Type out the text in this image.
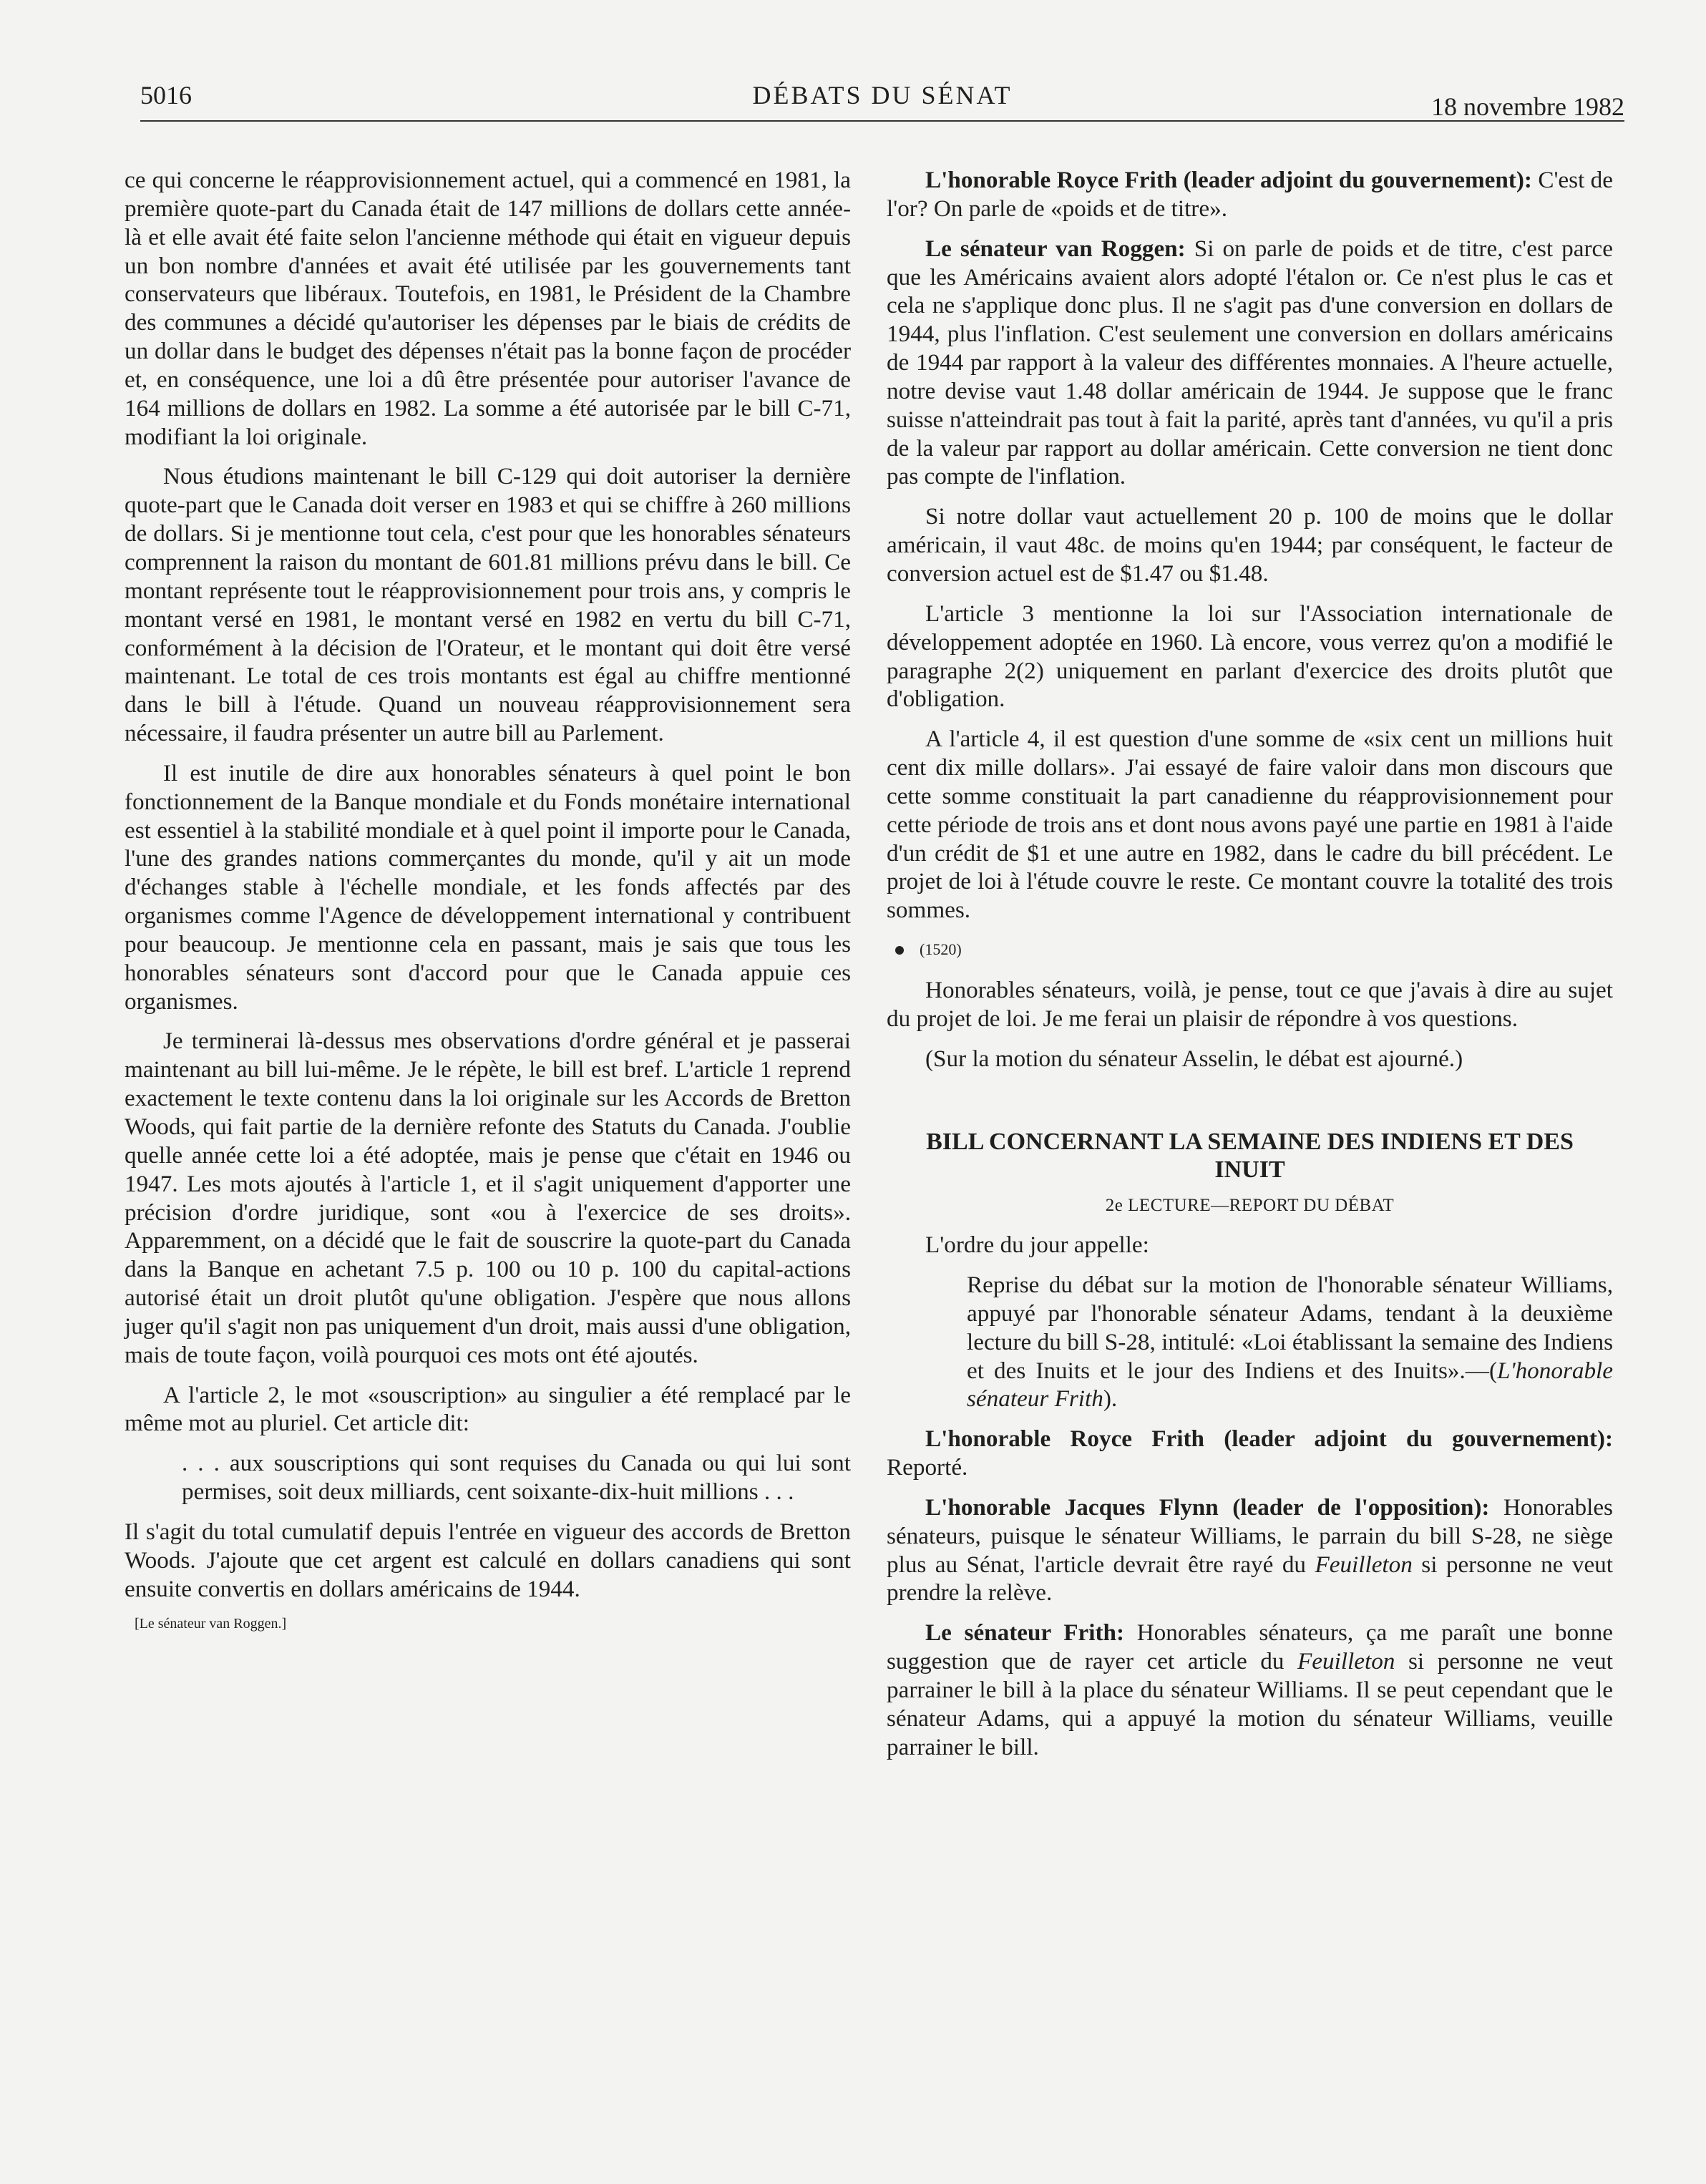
5016	DÉBATS DU SÉNAT	18 novembre 1982

ce qui concerne le réapprovisionnement actuel, qui a commencé en 1981, la première quote-part du Canada était de 147 millions de dollars cette année-là et elle avait été faite selon l'ancienne méthode qui était en vigueur depuis un bon nombre d'années et avait été utilisée par les gouvernements tant conservateurs que libéraux. Toutefois, en 1981, le Président de la Chambre des communes a décidé qu'autoriser les dépenses par le biais de crédits de un dollar dans le budget des dépenses n'était pas la bonne façon de procéder et, en conséquence, une loi a dû être présentée pour autoriser l'avance de 164 millions de dollars en 1982. La somme a été autorisée par le bill C-71, modifiant la loi originale.

Nous étudions maintenant le bill C-129 qui doit autoriser la dernière quote-part que le Canada doit verser en 1983 et qui se chiffre à 260 millions de dollars. Si je mentionne tout cela, c'est pour que les honorables sénateurs comprennent la raison du montant de 601.81 millions prévu dans le bill. Ce montant représente tout le réapprovisionnement pour trois ans, y compris le montant versé en 1981, le montant versé en 1982 en vertu du bill C-71, conformément à la décision de l'Orateur, et le montant qui doit être versé maintenant. Le total de ces trois montants est égal au chiffre mentionné dans le bill à l'étude. Quand un nouveau réapprovisionnement sera nécessaire, il faudra présenter un autre bill au Parlement.

Il est inutile de dire aux honorables sénateurs à quel point le bon fonctionnement de la Banque mondiale et du Fonds monétaire international est essentiel à la stabilité mondiale et à quel point il importe pour le Canada, l'une des grandes nations commerçantes du monde, qu'il y ait un mode d'échanges stable à l'échelle mondiale, et les fonds affectés par des organismes comme l'Agence de développement international y contribuent pour beaucoup. Je mentionne cela en passant, mais je sais que tous les honorables sénateurs sont d'accord pour que le Canada appuie ces organismes.

Je terminerai là-dessus mes observations d'ordre général et je passerai maintenant au bill lui-même. Je le répète, le bill est bref. L'article 1 reprend exactement le texte contenu dans la loi originale sur les Accords de Bretton Woods, qui fait partie de la dernière refonte des Statuts du Canada. J'oublie quelle année cette loi a été adoptée, mais je pense que c'était en 1946 ou 1947. Les mots ajoutés à l'article 1, et il s'agit uniquement d'apporter une précision d'ordre juridique, sont «ou à l'exercice de ses droits». Apparemment, on a décidé que le fait de souscrire la quote-part du Canada dans la Banque en achetant 7.5 p. 100 ou 10 p. 100 du capital-actions autorisé était un droit plutôt qu'une obligation. J'espère que nous allons juger qu'il s'agit non pas uniquement d'un droit, mais aussi d'une obligation, mais de toute façon, voilà pourquoi ces mots ont été ajoutés.

A l'article 2, le mot «souscription» au singulier a été remplacé par le même mot au pluriel. Cet article dit:

. . . aux souscriptions qui sont requises du Canada ou qui lui sont permises, soit deux milliards, cent soixante-dix-huit millions . . .

Il s'agit du total cumulatif depuis l'entrée en vigueur des accords de Bretton Woods. J'ajoute que cet argent est calculé en dollars canadiens qui sont ensuite convertis en dollars américains de 1944.

[Le sénateur van Roggen.]

L'honorable Royce Frith (leader adjoint du gouvernement): C'est de l'or? On parle de «poids et de titre».

Le sénateur van Roggen: Si on parle de poids et de titre, c'est parce que les Américains avaient alors adopté l'étalon or. Ce n'est plus le cas et cela ne s'applique donc plus. Il ne s'agit pas d'une conversion en dollars de 1944, plus l'inflation. C'est seulement une conversion en dollars américains de 1944 par rapport à la valeur des différentes monnaies. A l'heure actuelle, notre devise vaut 1.48 dollar américain de 1944. Je suppose que le franc suisse n'atteindrait pas tout à fait la parité, après tant d'années, vu qu'il a pris de la valeur par rapport au dollar américain. Cette conversion ne tient donc pas compte de l'inflation.

Si notre dollar vaut actuellement 20 p. 100 de moins que le dollar américain, il vaut 48c. de moins qu'en 1944; par conséquent, le facteur de conversion actuel est de $1.47 ou $1.48.

L'article 3 mentionne la loi sur l'Association internationale de développement adoptée en 1960. Là encore, vous verrez qu'on a modifié le paragraphe 2(2) uniquement en parlant d'exercice des droits plutôt que d'obligation.

A l'article 4, il est question d'une somme de «six cent un millions huit cent dix mille dollars». J'ai essayé de faire valoir dans mon discours que cette somme constituait la part canadienne du réapprovisionnement pour cette période de trois ans et dont nous avons payé une partie en 1981 à l'aide d'un crédit de $1 et une autre en 1982, dans le cadre du bill précédent. Le projet de loi à l'étude couvre le reste. Ce montant couvre la totalité des trois sommes.

(1520)

Honorables sénateurs, voilà, je pense, tout ce que j'avais à dire au sujet du projet de loi. Je me ferai un plaisir de répondre à vos questions.

(Sur la motion du sénateur Asselin, le débat est ajourné.)

BILL CONCERNANT LA SEMAINE DES INDIENS ET DES INUIT
2e LECTURE—REPORT DU DÉBAT

L'ordre du jour appelle:

Reprise du débat sur la motion de l'honorable sénateur Williams, appuyé par l'honorable sénateur Adams, tendant à la deuxième lecture du bill S-28, intitulé: «Loi établissant la semaine des Indiens et des Inuits et le jour des Indiens et des Inuits».—(L'honorable sénateur Frith).

L'honorable Royce Frith (leader adjoint du gouvernement): Reporté.

L'honorable Jacques Flynn (leader de l'opposition): Honorables sénateurs, puisque le sénateur Williams, le parrain du bill S-28, ne siège plus au Sénat, l'article devrait être rayé du Feuilleton si personne ne veut prendre la relève.

Le sénateur Frith: Honorables sénateurs, ça me paraît une bonne suggestion que de rayer cet article du Feuilleton si personne ne veut parrainer le bill à la place du sénateur Williams. Il se peut cependant que le sénateur Adams, qui a appuyé la motion du sénateur Williams, veuille parrainer le bill.
